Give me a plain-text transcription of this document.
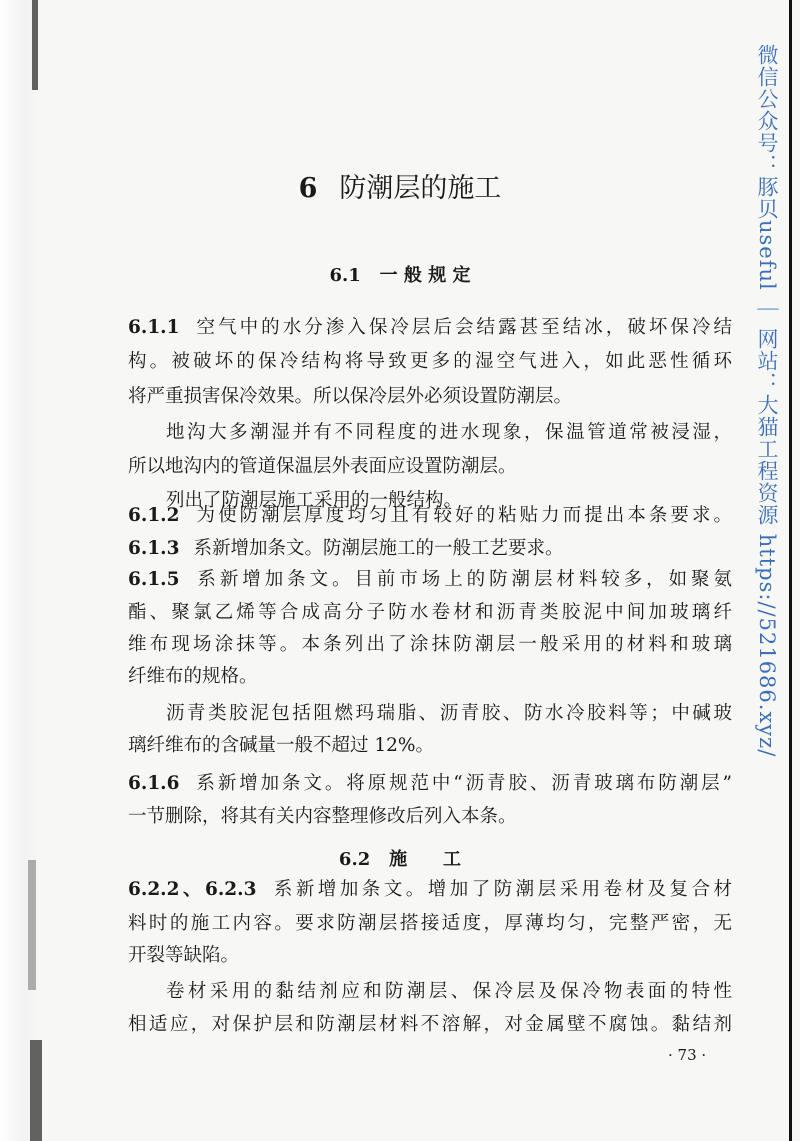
微信公众号：豚贝useful ｜ 网站：大猫工程资源 https://521686.xyz/
6 防潮层的施工
6.1 一 般 规 定
6.2 施　　工
6.1.1 空气中的水分渗入保冷层后会结露甚至结冰，破坏保冷结
构。被破坏的保冷结构将导致更多的湿空气进入，如此恶性循环
将严重损害保冷效果。所以保冷层外必须设置防潮层。
地沟大多潮湿并有不同程度的进水现象，保温管道常被浸湿，
所以地沟内的管道保温层外表面应设置防潮层。
列出了防潮层施工采用的一般结构。
6.1.2 为使防潮层厚度均匀且有较好的粘贴力而提出本条要求。
6.1.3 系新增加条文。防潮层施工的一般工艺要求。
6.1.5 系新增加条文。目前市场上的防潮层材料较多，如聚氨
酯、聚氯乙烯等合成高分子防水卷材和沥青类胶泥中间加玻璃纤
维布现场涂抹等。本条列出了涂抹防潮层一般采用的材料和玻璃
纤维布的规格。
沥青类胶泥包括阻燃玛瑞脂、沥青胶、防水冷胶料等；中碱玻
璃纤维布的含碱量一般不超过 12%。
6.1.6 系新增加条文。将原规范中“沥青胶、沥青玻璃布防潮层”
一节删除，将其有关内容整理修改后列入本条。
6.2.2、6.2.3 系新增加条文。增加了防潮层采用卷材及复合材
料时的施工内容。要求防潮层搭接适度，厚薄均匀，完整严密，无
开裂等缺陷。
卷材采用的黏结剂应和防潮层、保冷层及保冷物表面的特性
相适应，对保护层和防潮层材料不溶解，对金属壁不腐蚀。黏结剂
· 73 ·
